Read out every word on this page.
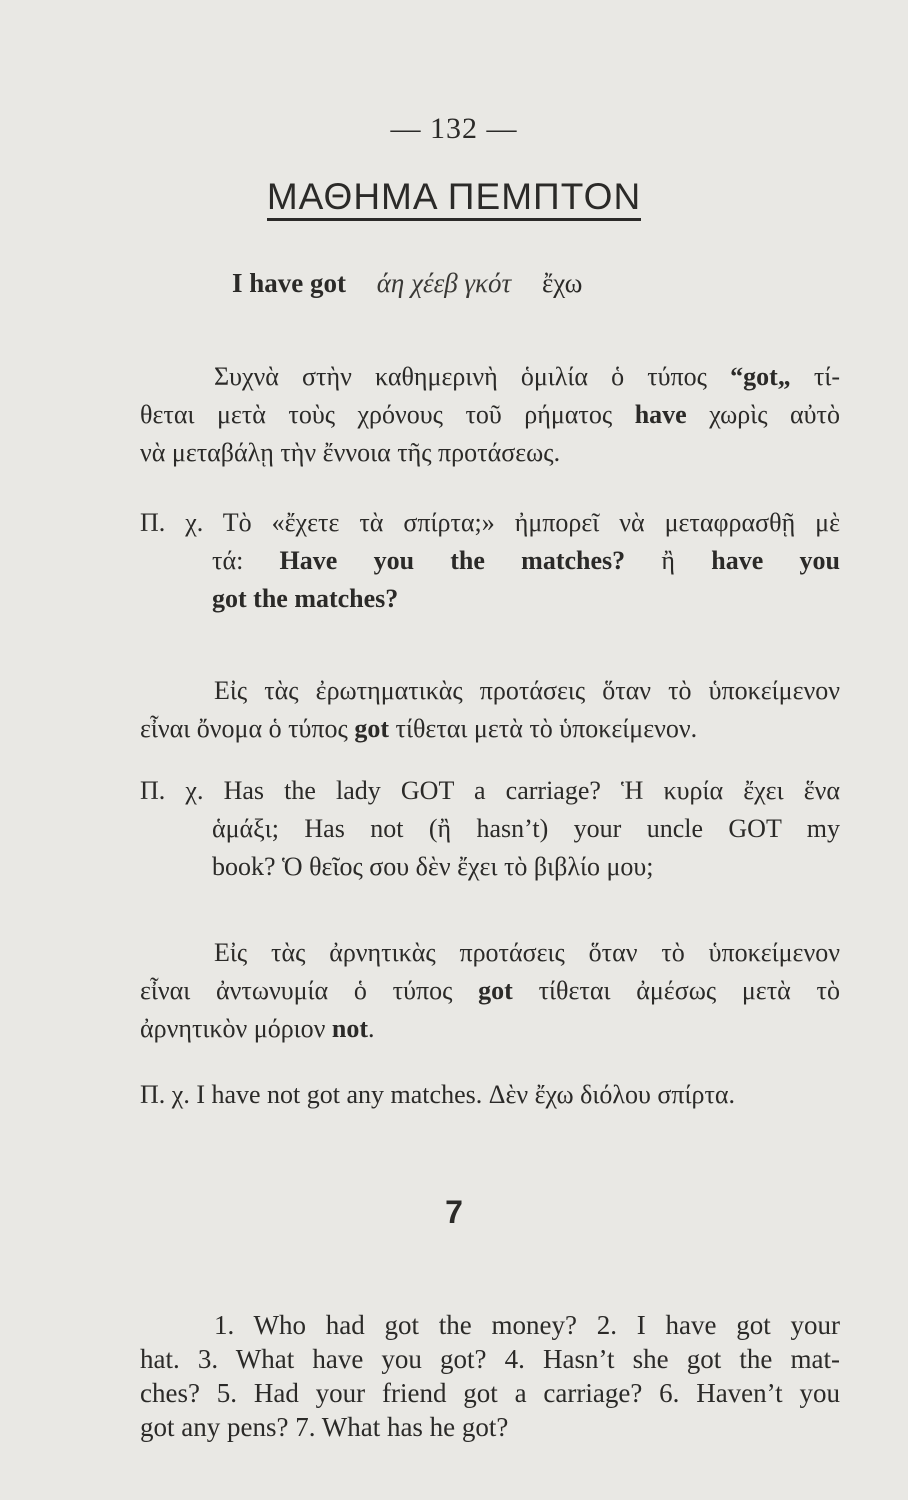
— 132 —
ΜΑΘΗΜΑ ΠΕΜΠΤΟΝ
I have got άη χέεβ γκότ ἔχω
Συχνὰ στὴν καθημερινὴ ὁμιλία ὁ τύπος “got„ τί-
θεται μετὰ τοὺς χρόνους τοῦ ρήματος have χωρὶς αὐτὸ
νὰ μεταβάλῃ τὴν ἔννοια τῆς προτάσεως.
Π. χ. Τὸ «ἔχετε τὰ σπίρτα;» ἠμπορεῖ νὰ μεταφρασθῇ μὲ
τά: Have you the matches? ἢ have you
got the matches?
Εἰς τὰς ἐρωτηματικὰς προτάσεις ὅταν τὸ ὑποκείμενον
εἶναι ὄνομα ὁ τύπος got τίθεται μετὰ τὸ ὑποκείμενον.
Π. χ. Has the lady GOT a carriage? Ἡ κυρία ἔχει ἕνα
ἁμάξι; Has not (ἢ hasn’t) your uncle GOT my
book? Ὁ θεῖος σου δὲν ἔχει τὸ βιβλίο μου;
Εἰς τὰς ἀρνητικὰς προτάσεις ὅταν τὸ ὑποκείμενον
εἶναι ἀντωνυμία ὁ τύπος got τίθεται ἀμέσως μετὰ τὸ
ἀρνητικὸν μόριον not.
Π. χ. I have not got any matches. Δὲν ἔχω διόλου σπίρτα.
7
1. Who had got the money? 2. I have got your
hat. 3. What have you got? 4. Hasn’t she got the mat-
ches? 5. Had your friend got a carriage? 6. Haven’t you
got any pens? 7. What has he got?
